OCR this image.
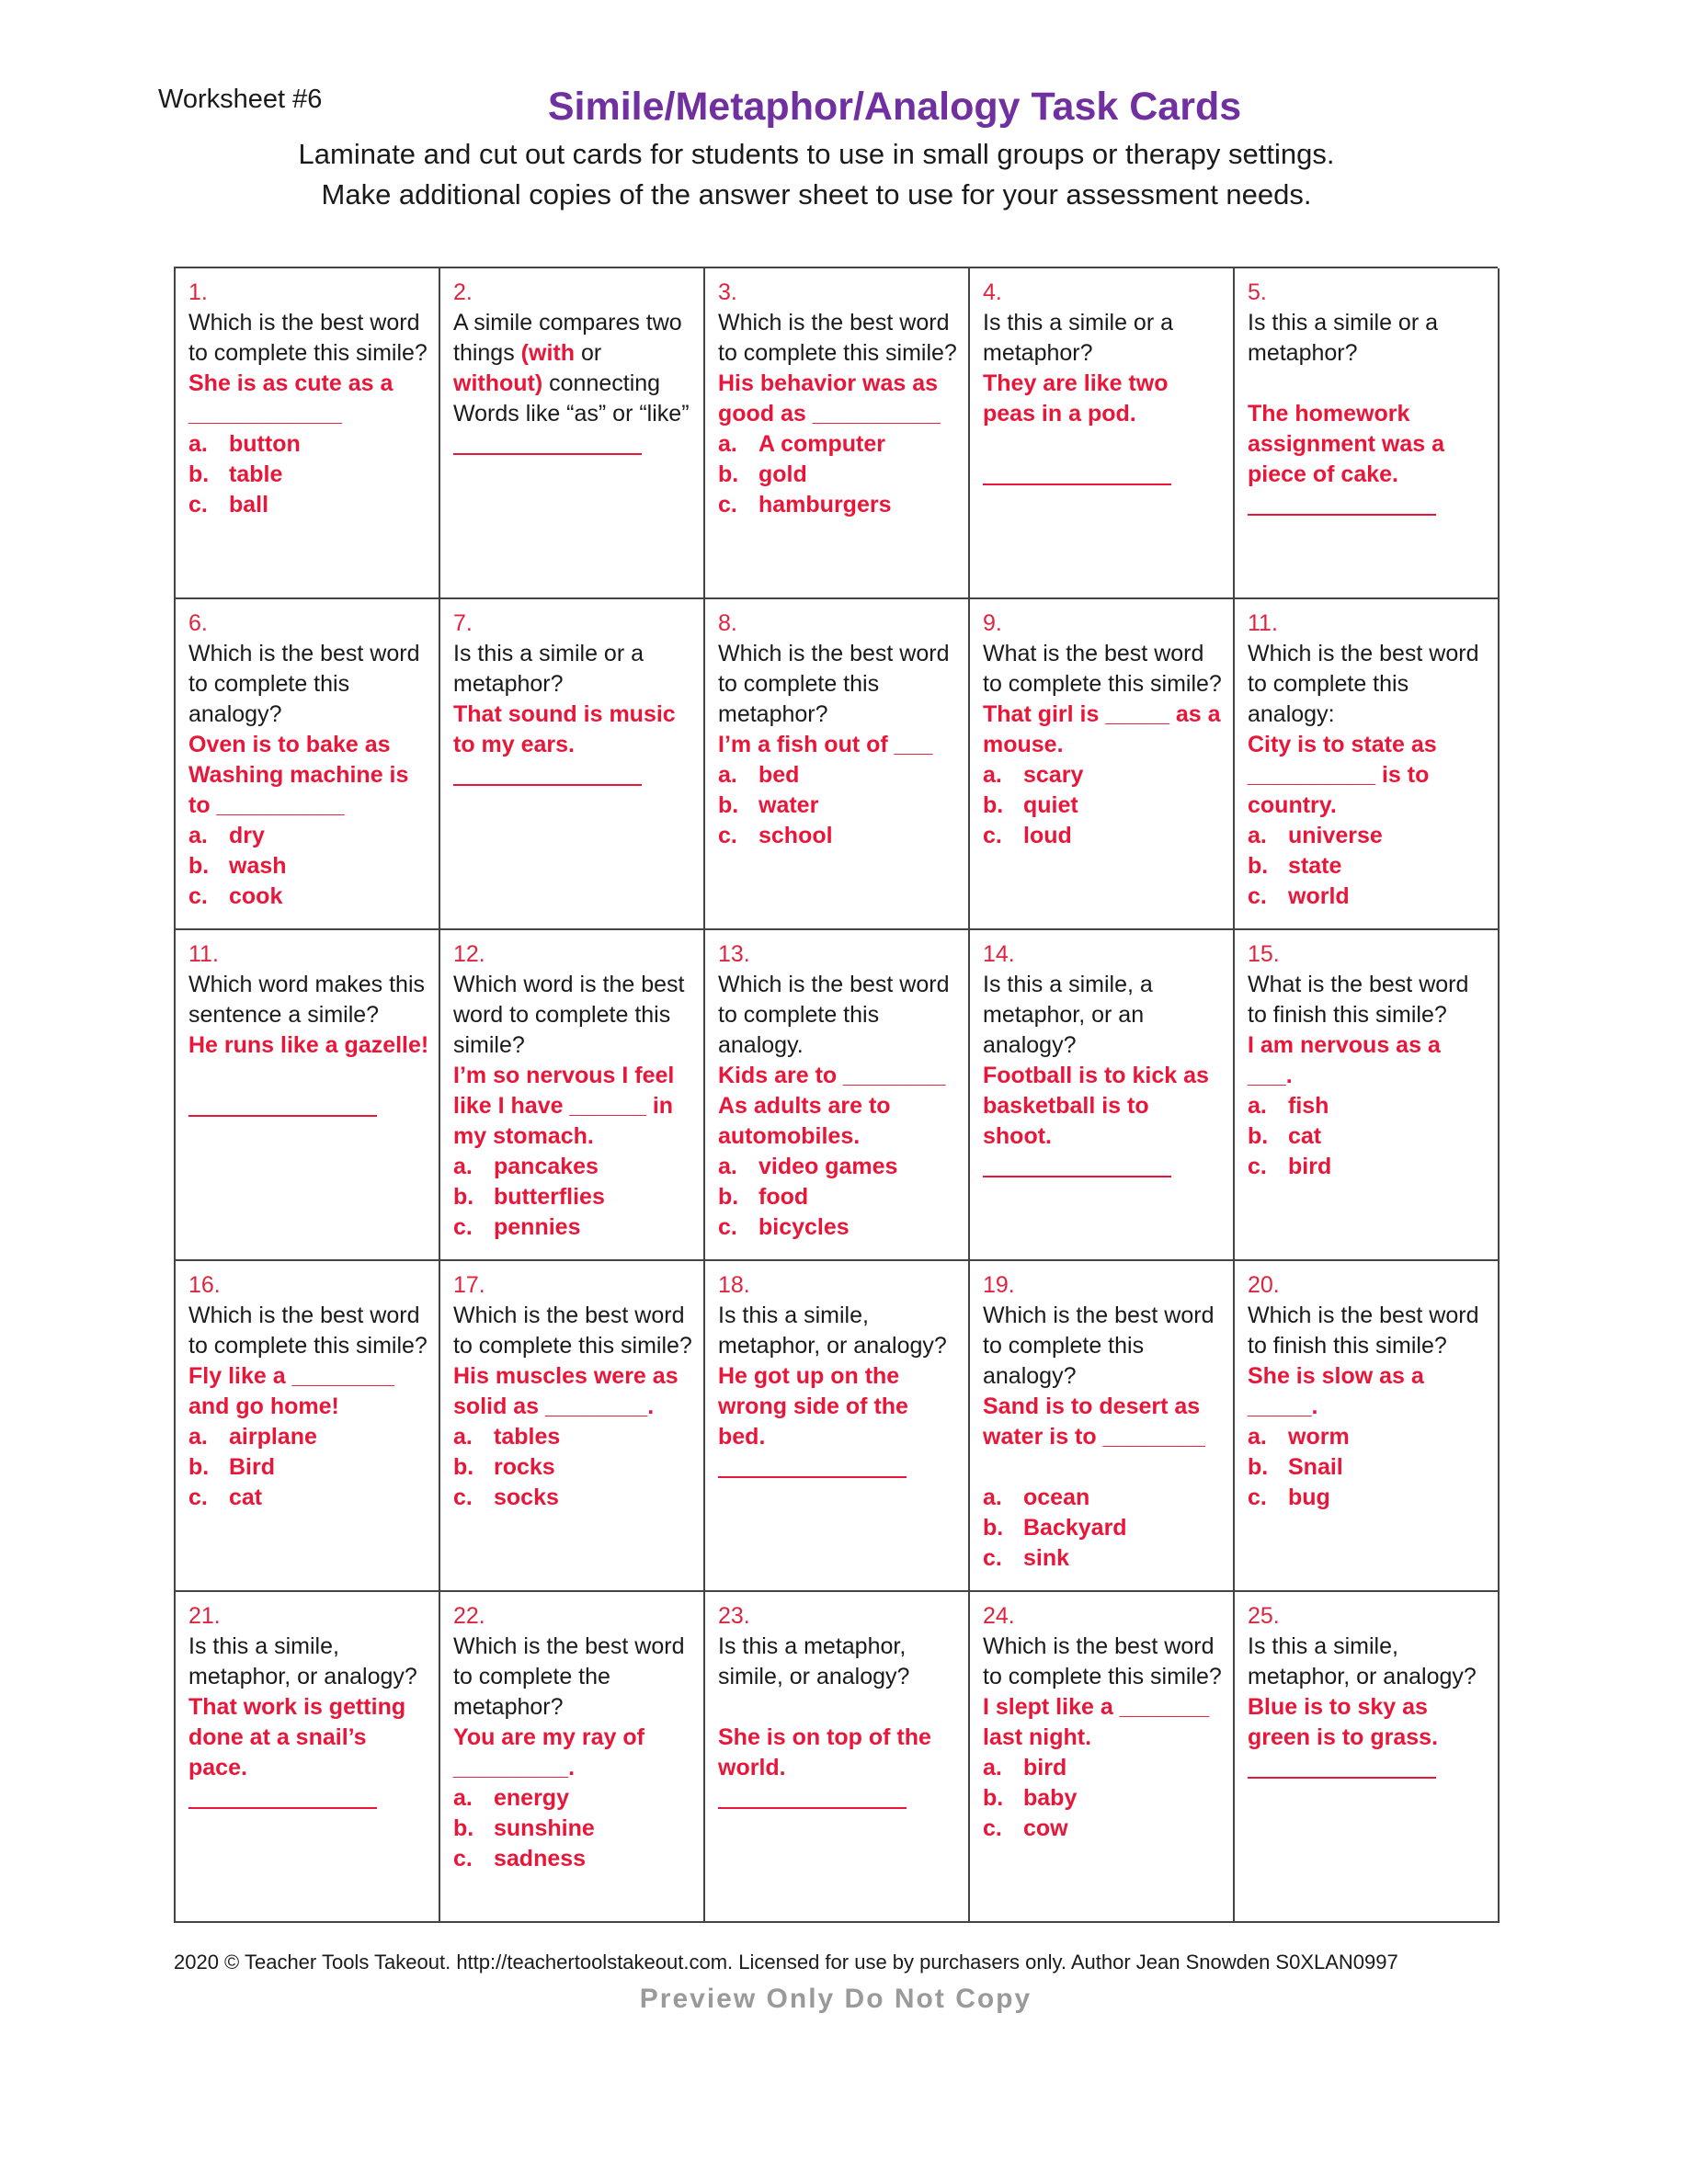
Worksheet #6	Simile/Metaphor/Analogy Task Cards
Laminate and cut out cards for students to use in small groups or therapy settings.
Make additional copies of the answer sheet to use for your assessment needs.
1.
Which is the best word to complete this simile?
She is as cute as a ____________
a. button
b. table
c. ball
2.
A simile compares two things (with or without) connecting Words like “as” or “like”
3.
Which is the best word to complete this simile?
His behavior was as good as __________
a. A computer
b. gold
c. hamburgers
4.
Is this a simile or a metaphor?
They are like two peas in a pod.
5.
Is this a simile or a metaphor?
The homework assignment was a piece of cake.
6.
Which is the best word to complete this analogy?
Oven is to bake as Washing machine is to __________
a. dry
b. wash
c. cook
7.
Is this a simile or a metaphor?
That sound is music to my ears.
8.
Which is the best word to complete this metaphor?
I’m a fish out of ___
a. bed
b. water
c. school
9.
What is the best word to complete this simile?
That girl is _____ as a mouse.
a. scary
b. quiet
c. loud
11.
Which is the best word to complete this analogy:
City is to state as __________ is to country.
a. universe
b. state
c. world
11.
Which word makes this sentence a simile?
He runs like a gazelle!
12.
Which word is the best word to complete this simile?
I’m so nervous I feel like I have ______ in my stomach.
a. pancakes
b. butterflies
c. pennies
13.
Which is the best word to complete this analogy.
Kids are to ________ As adults are to automobiles.
a. video games
b. food
c. bicycles
14.
Is this a simile, a metaphor, or an analogy?
Football is to kick as basketball is to shoot.
15.
What is the best word to finish this simile?
I am nervous as a ___.
a. fish
b. cat
c. bird
16.
Which is the best word to complete this simile?
Fly like a ________ and go home!
a. airplane
b. Bird
c. cat
17.
Which is the best word to complete this simile?
His muscles were as solid as ________.
a. tables
b. rocks
c. socks
18.
Is this a simile, metaphor, or analogy?
He got up on the wrong side of the bed.
19.
Which is the best word to complete this analogy?
Sand is to desert as water is to ________
a. ocean
b. Backyard
c. sink
20.
Which is the best word to finish this simile?
She is slow as a _____.
a. worm
b. Snail
c. bug
21.
Is this a simile, metaphor, or analogy?
That work is getting done at a snail’s pace.
22.
Which is the best word to complete the metaphor?
You are my ray of _________.
a. energy
b. sunshine
c. sadness
23.
Is this a metaphor, simile, or analogy?
She is on top of the world.
24.
Which is the best word to complete this simile?
I slept like a _______ last night.
a. bird
b. baby
c. cow
25.
Is this a simile, metaphor, or analogy?
Blue is to sky as green is to grass.
2020 © Teacher Tools Takeout. http://teachertoolstakeout.com. Licensed for use by purchasers only. Author Jean Snowden S0XLAN0997
Preview Only Do Not Copy
